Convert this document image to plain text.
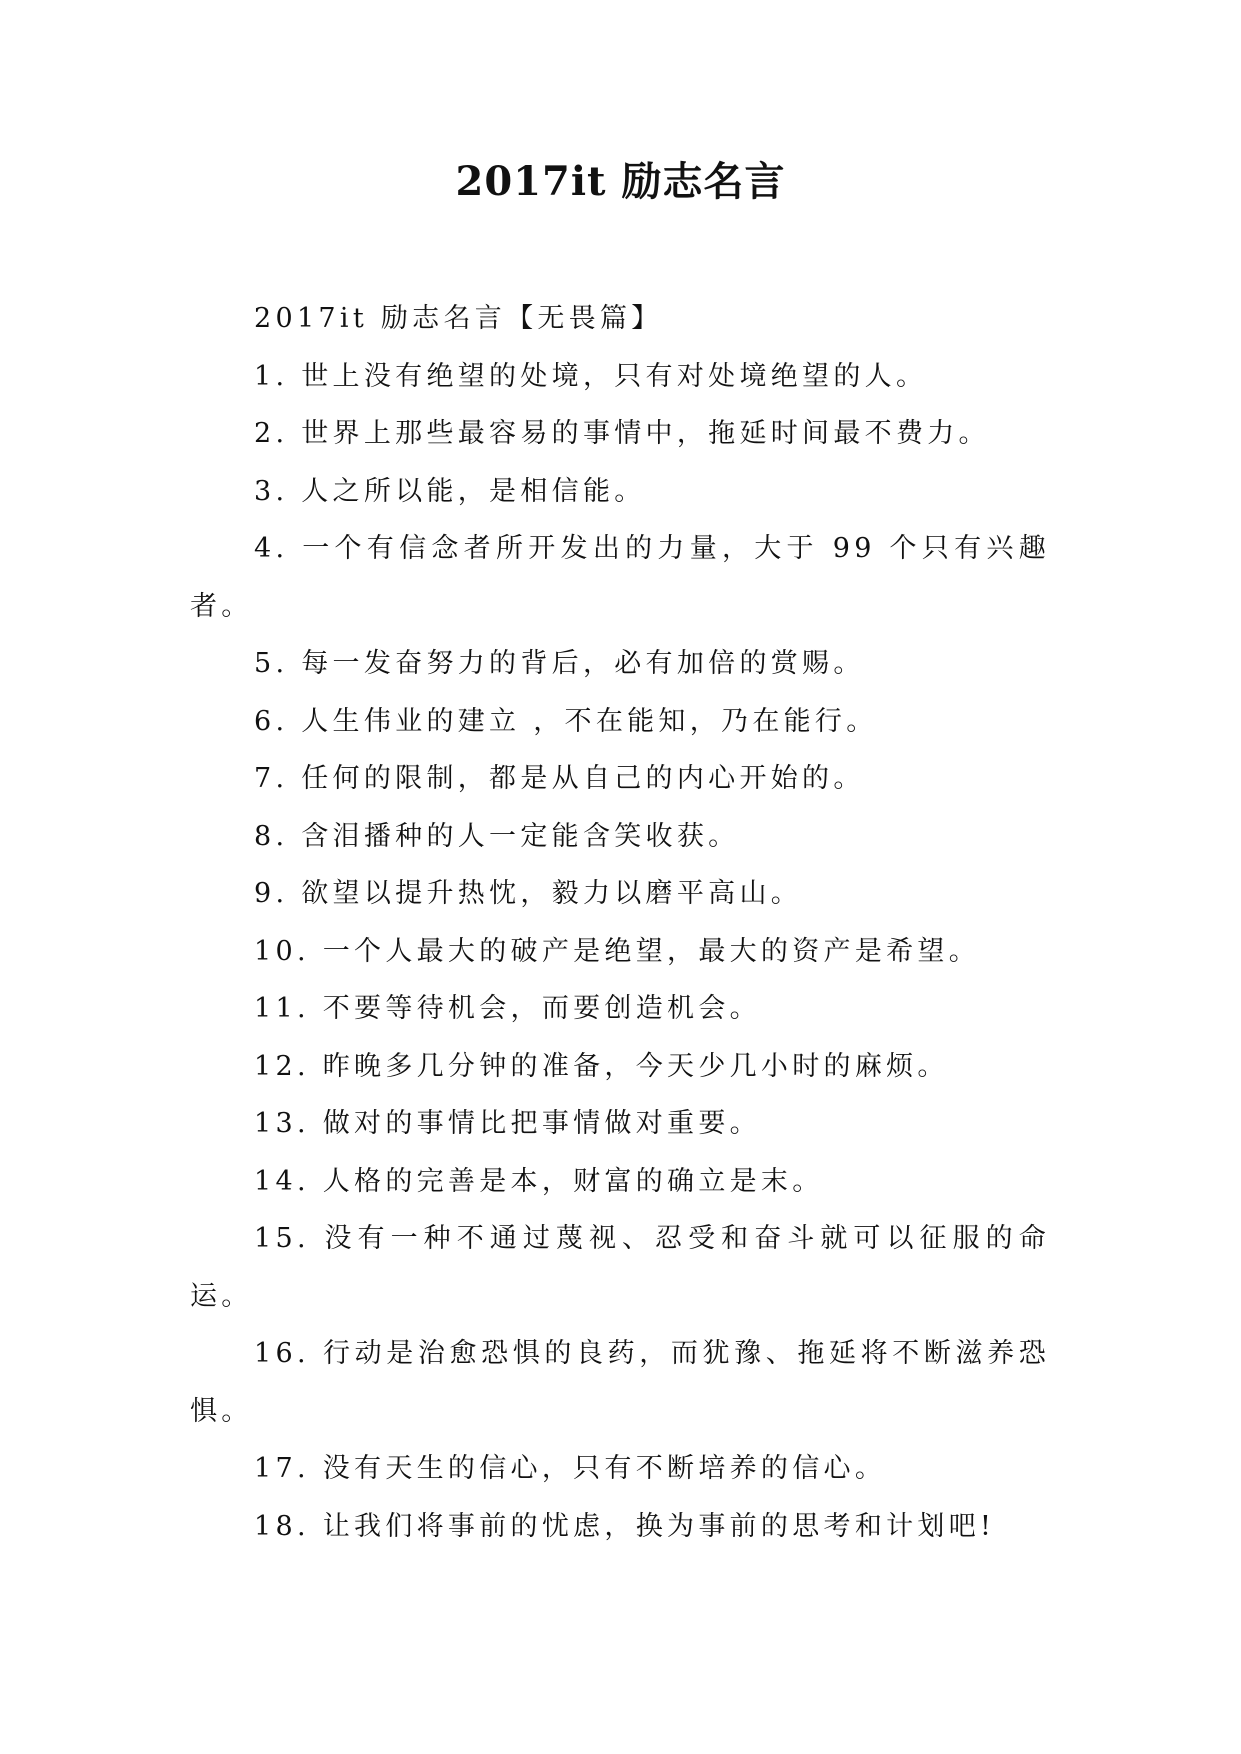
2017it 励志名言

2017it 励志名言【无畏篇】

1. 世上没有绝望的处境，只有对处境绝望的人。

2. 世界上那些最容易的事情中，拖延时间最不费力。

3. 人之所以能，是相信能。

4. 一个有信念者所开发出的力量，大于 99 个只有兴趣者。

5. 每一发奋努力的背后，必有加倍的赏赐。

6. 人生伟业的建立 ，不在能知，乃在能行。

7. 任何的限制，都是从自己的内心开始的。

8. 含泪播种的人一定能含笑收获。

9. 欲望以提升热忱，毅力以磨平高山。

10. 一个人最大的破产是绝望，最大的资产是希望。

11. 不要等待机会，而要创造机会。

12. 昨晚多几分钟的准备，今天少几小时的麻烦。

13. 做对的事情比把事情做对重要。

14. 人格的完善是本，财富的确立是末。

15. 没有一种不通过蔑视、忍受和奋斗就可以征服的命运。

16. 行动是治愈恐惧的良药，而犹豫、拖延将不断滋养恐惧。

17. 没有天生的信心，只有不断培养的信心。

18. 让我们将事前的忧虑，换为事前的思考和计划吧!
